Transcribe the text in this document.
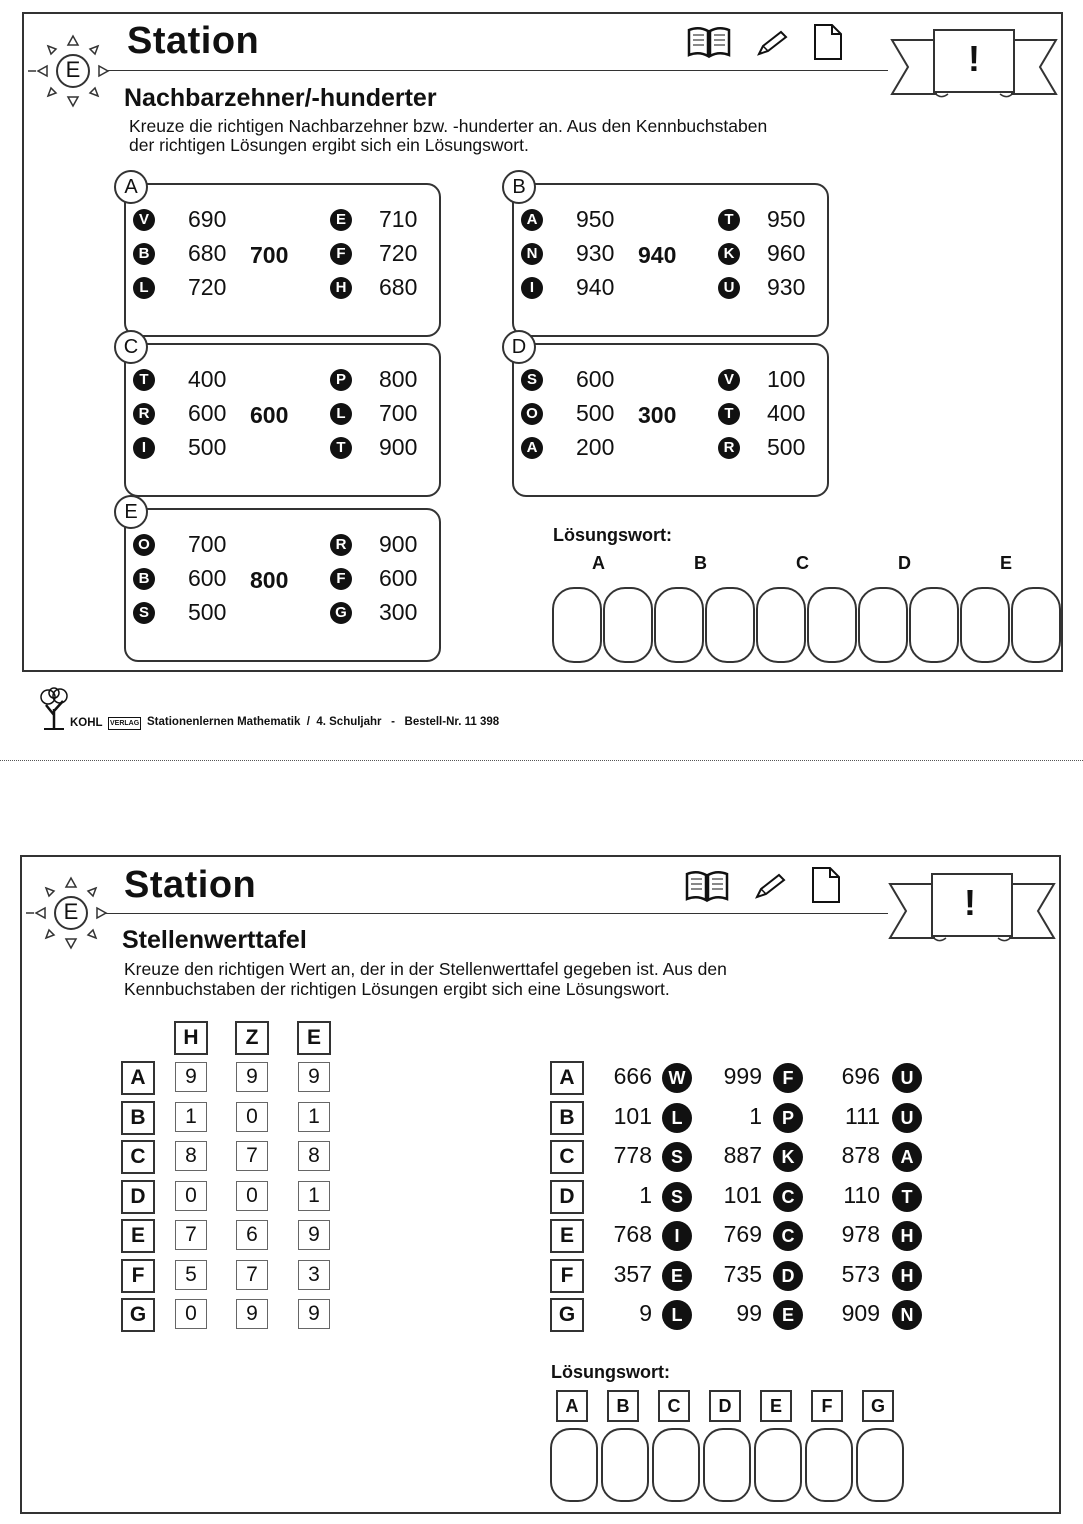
E
Station	!
Nachbarzehner/-hunderter
Kreuze die richtigen Nachbarzehner bzw. -hunderter an. Aus den Kennbuchstaben
der richtigen Lösungen ergibt sich ein Lösungswort.
A
700
V 690	E 710
B 680	F 720
L 720	H 680
B
940
A 950	T 950
N 930	K 960
I	940	U 930
C
600
T 400	P 800
R 600	L 700
I	500	T 900
D
300
S 600	V 100
O 500	T 400
A 200	R 500
E
800
O 700	R 900
B 600	F 600
S 500	G 300
Lösungswort:
A	B	C	D	E
KOHL VERLAG Stationenlernen Mathematik  /  4. Schuljahr   -   Bestell-Nr. 11 398
E
Station	!
Stellenwerttafel
Kreuze den richtigen Wert an, der in der Stellenwerttafel gegeben ist. Aus den
Kennbuchstaben der richtigen Lösungen ergibt sich eine Lösungswort.
H	Z	E
A	9	9	9
B	1	0	1
C	8	7	8
D	0	0	1
E	7	6	9
F	5	7	3
G	0	9	9
A	666 W	999	F	696	U
B	101	L	1	P	111	U
C	778	S	887	K	878	A
D	1	S	101	C	110	T
E	768	I	769	C	978	H
F	357	E	735	D	573	H
G	9	L	99	E	909	N
Lösungswort:
A	B	C	D	E	F	G
